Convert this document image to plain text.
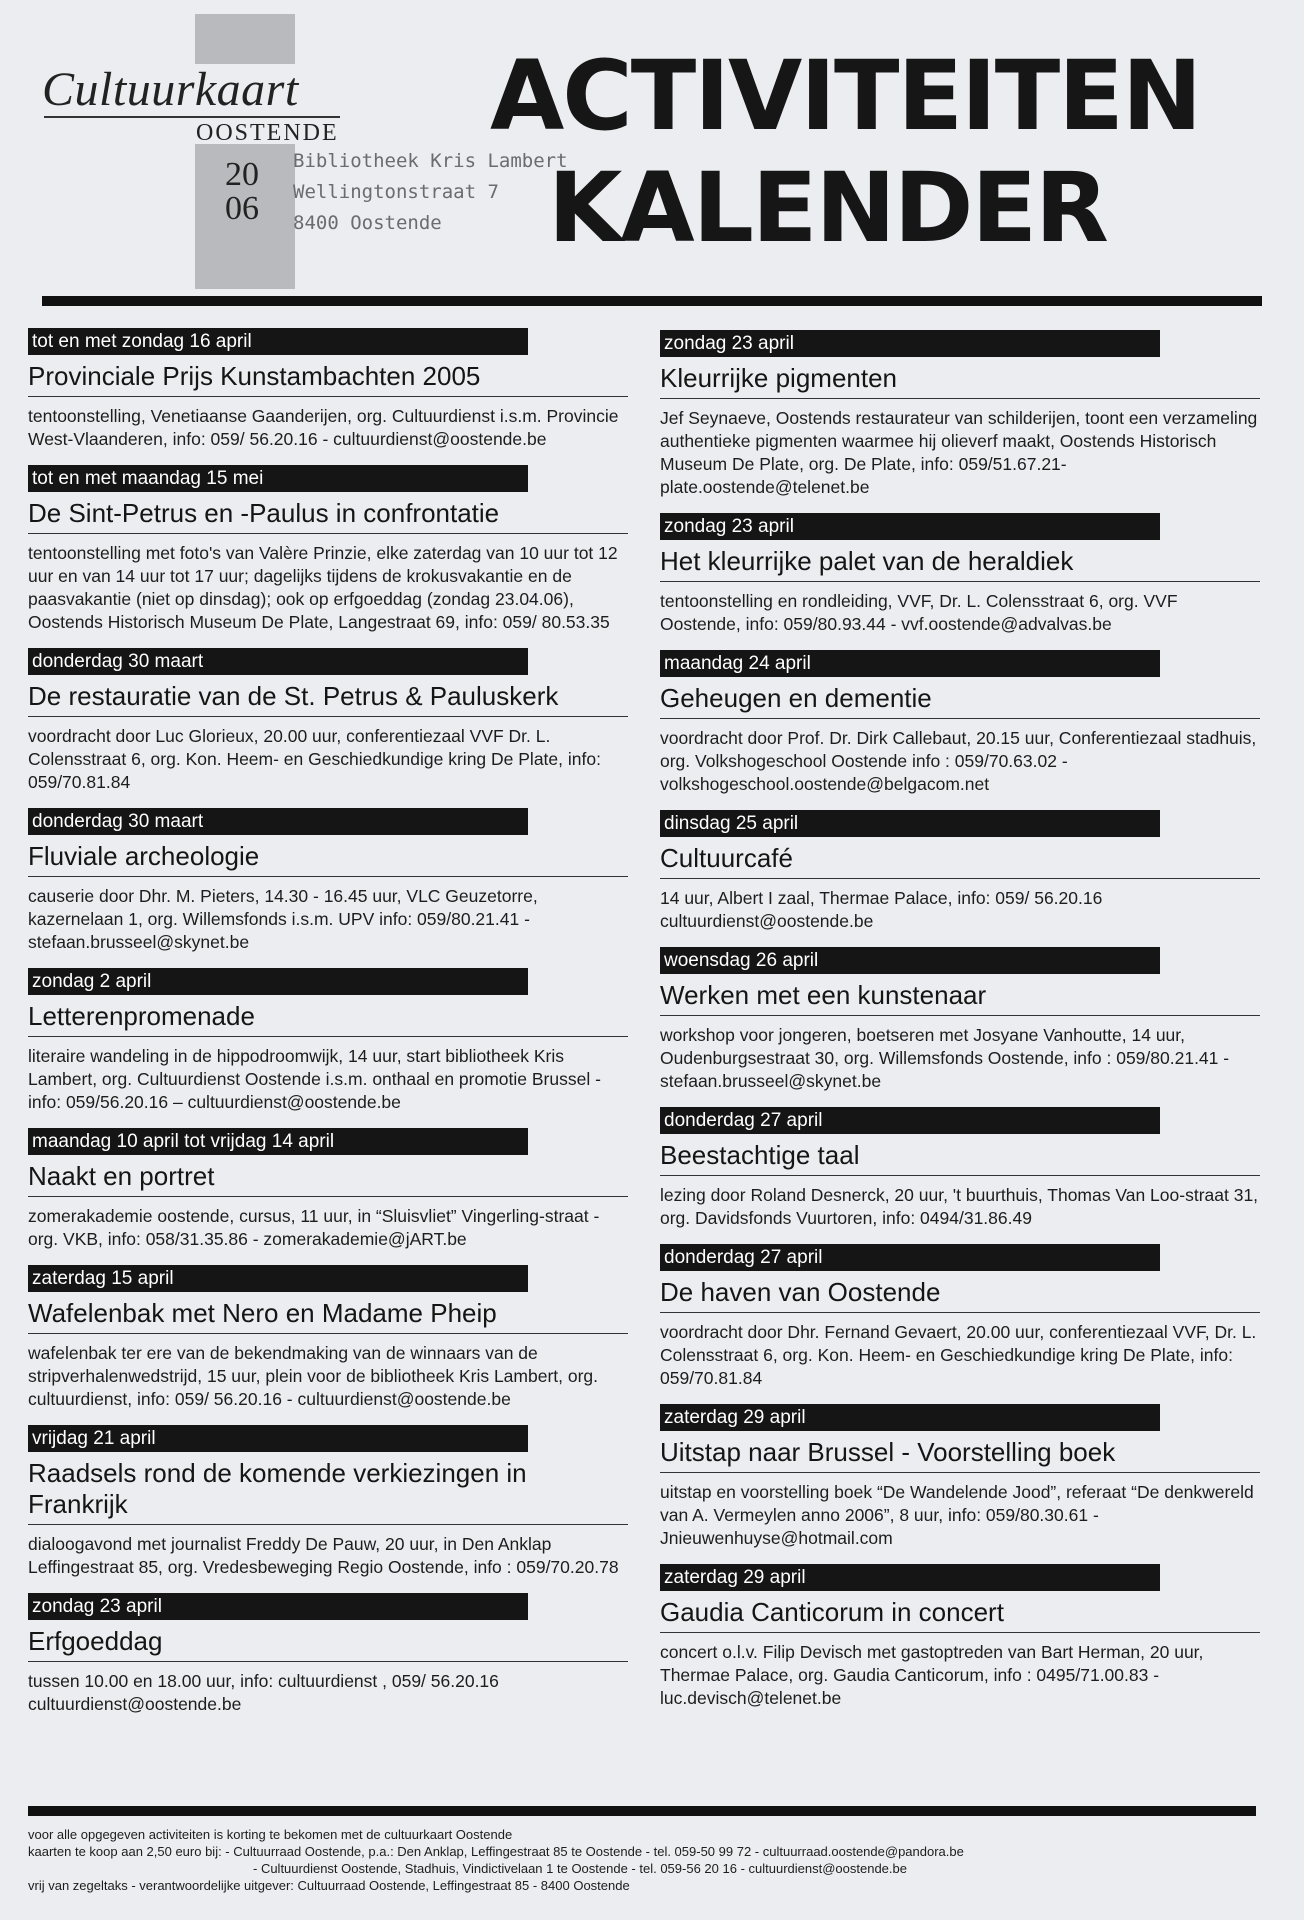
Cultuurkaart
OOSTENDE
2006
Bibliotheek Kris Lambert
Wellingtonstraat 7
8400 Oostende
ACTIVITEITEN
KALENDER
tot en met zondag 16 april
Provinciale Prijs Kunstambachten 2005
tentoonstelling, Venetiaanse Gaanderijen, org. Cultuurdienst i.s.m. Provincie West-Vlaanderen, info: 059/ 56.20.16 - cultuurdienst@oostende.be
tot en met maandag 15 mei
De Sint-Petrus en -Paulus in confrontatie
tentoonstelling met foto's van Valère Prinzie, elke zaterdag van 10 uur tot 12 uur en van 14 uur tot 17 uur; dagelijks tijdens de krokusvakantie en de paasvakantie (niet op dinsdag); ook op erfgoeddag (zondag 23.04.06), Oostends Historisch Museum De Plate, Langestraat 69, info: 059/ 80.53.35
donderdag 30 maart
De restauratie van de St. Petrus & Pauluskerk
voordracht door Luc Glorieux, 20.00 uur, conferentiezaal VVF Dr. L. Colensstraat 6, org. Kon. Heem- en Geschiedkundige kring De Plate, info: 059/70.81.84
donderdag 30 maart
Fluviale archeologie
causerie door Dhr. M. Pieters, 14.30 - 16.45 uur, VLC Geuzetorre, kazernelaan 1, org. Willemsfonds i.s.m. UPV info: 059/80.21.41 - stefaan.brusseel@skynet.be
zondag 2 april
Letterenpromenade
literaire wandeling in de hippodroomwijk, 14 uur, start bibliotheek Kris Lambert, org. Cultuurdienst Oostende i.s.m. onthaal en promotie Brussel - info: 059/56.20.16 – cultuurdienst@oostende.be
maandag 10 april tot vrijdag 14 april
Naakt en portret
zomerakademie oostende, cursus, 11 uur, in “Sluisvliet” Vingerling-straat - org. VKB, info: 058/31.35.86 - zomerakademie@jART.be
zaterdag 15 april
Wafelenbak met Nero en Madame Pheip
wafelenbak ter ere van de bekendmaking van de winnaars van de stripverhalenwedstrijd, 15 uur, plein voor de bibliotheek Kris Lambert, org. cultuurdienst, info: 059/ 56.20.16 - cultuurdienst@oostende.be
vrijdag 21 april
Raadsels rond de komende verkiezingen in Frankrijk
dialoogavond met journalist Freddy De Pauw, 20 uur, in Den Anklap Leffingestraat 85, org. Vredesbeweging Regio Oostende, info : 059/70.20.78
zondag 23 april
Erfgoeddag
tussen 10.00 en 18.00 uur, info: cultuurdienst , 059/ 56.20.16 cultuurdienst@oostende.be
zondag 23 april
Kleurrijke pigmenten
Jef Seynaeve, Oostends restaurateur van schilderijen, toont een verzameling authentieke pigmenten waarmee hij olieverf maakt, Oostends Historisch Museum De Plate, org. De Plate, info: 059/51.67.21- plate.oostende@telenet.be
zondag 23 april
Het kleurrijke palet van de heraldiek
tentoonstelling en rondleiding, VVF, Dr. L. Colensstraat 6, org. VVF Oostende, info: 059/80.93.44 - vvf.oostende@advalvas.be
maandag 24 april
Geheugen en dementie
voordracht door Prof. Dr. Dirk Callebaut, 20.15 uur, Conferentiezaal stadhuis, org. Volkshogeschool Oostende info : 059/70.63.02 - volkshogeschool.oostende@belgacom.net
dinsdag 25 april
Cultuurcafé
14 uur, Albert I zaal, Thermae Palace, info: 059/ 56.20.16 cultuurdienst@oostende.be
woensdag 26 april
Werken met een kunstenaar
workshop voor jongeren, boetseren met Josyane Vanhoutte, 14 uur, Oudenburgsestraat 30, org. Willemsfonds Oostende, info : 059/80.21.41 - stefaan.brusseel@skynet.be
donderdag 27 april
Beestachtige taal
lezing door Roland Desnerck, 20 uur, 't buurthuis, Thomas Van Loo-straat 31, org. Davidsfonds Vuurtoren, info: 0494/31.86.49
donderdag 27 april
De haven van Oostende
voordracht door Dhr. Fernand Gevaert, 20.00 uur, conferentiezaal VVF, Dr. L. Colensstraat 6, org. Kon. Heem- en Geschiedkundige kring De Plate, info: 059/70.81.84
zaterdag 29 april
Uitstap naar Brussel - Voorstelling boek
uitstap en voorstelling boek “De Wandelende Jood”, referaat “De denkwereld van A. Vermeylen anno 2006”, 8 uur, info: 059/80.30.61 - Jnieuwenhuyse@hotmail.com
zaterdag 29 april
Gaudia Canticorum in concert
concert o.l.v. Filip Devisch met gastoptreden van Bart Herman, 20 uur, Thermae Palace, org. Gaudia Canticorum, info : 0495/71.00.83 - luc.devisch@telenet.be
voor alle opgegeven activiteiten is korting te bekomen met de cultuurkaart Oostende
kaarten te koop aan 2,50 euro bij: - Cultuurraad Oostende, p.a.: Den Anklap, Leffingestraat 85 te Oostende - tel. 059-50 99 72 - cultuurraad.oostende@pandora.be
- Cultuurdienst Oostende, Stadhuis, Vindictivelaan 1 te Oostende - tel. 059-56 20 16 - cultuurdienst@oostende.be
vrij van zegeltaks - verantwoordelijke uitgever: Cultuurraad Oostende, Leffingestraat 85 - 8400 Oostende
